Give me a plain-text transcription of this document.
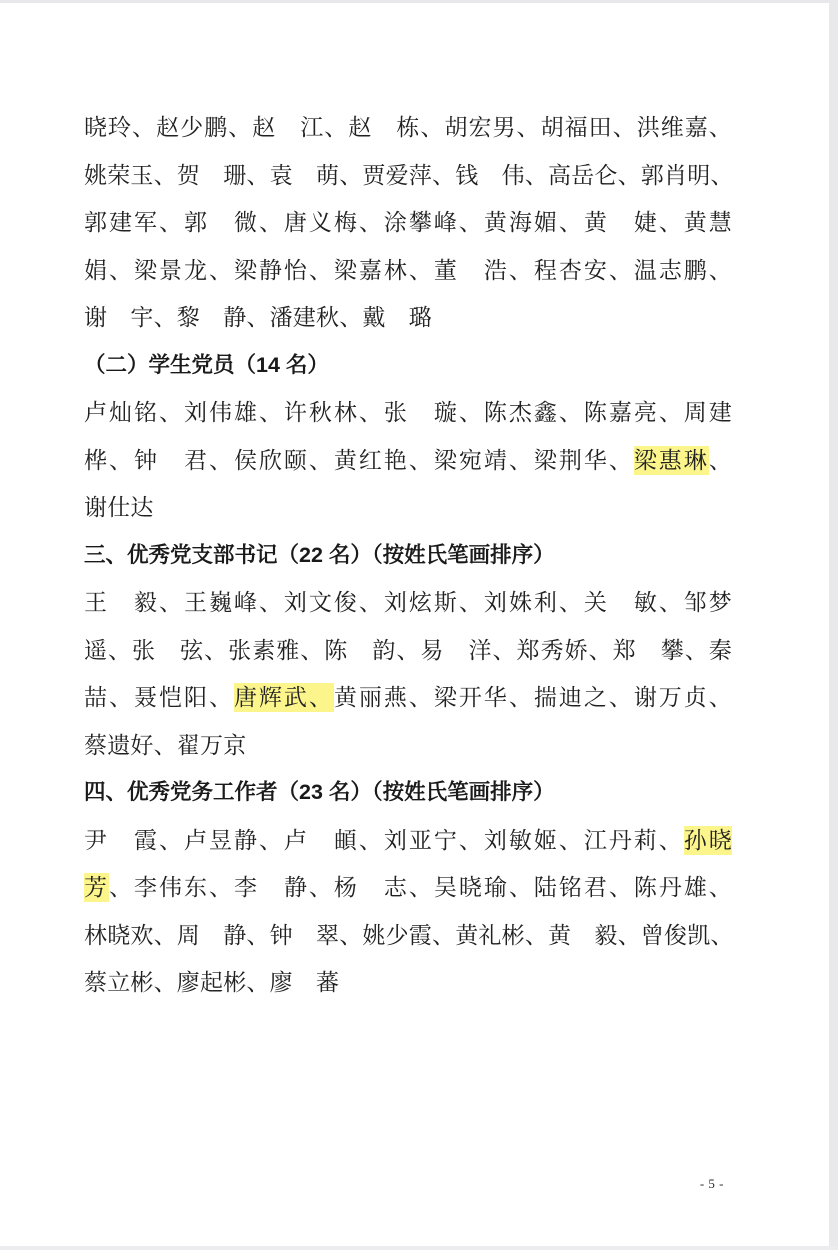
晓玲、赵少鹏、赵　江、赵　栋、胡宏男、胡福田、洪维嘉、
姚荣玉、贺　珊、袁　萌、贾爱萍、钱　伟、高岳仑、郭肖明、
郭建军、郭　微、唐义梅、涂攀峰、黄海媚、黄　婕、黄慧
娟、梁景龙、梁静怡、梁嘉林、董　浩、程杏安、温志鹏、
谢　宇、黎　静、潘建秋、戴　璐
（二）学生党员（14 名）
卢灿铭、刘伟雄、许秋林、张　璇、陈杰鑫、陈嘉亮、周建
桦、钟　君、侯欣颐、黄红艳、梁宛靖、梁荆华、梁惠琳、
谢仕达
三、优秀党支部书记（22 名）（按姓氏笔画排序）
王　毅、王巍峰、刘文俊、刘炫斯、刘姝利、关　敏、邹梦
遥、张　弦、张素雅、陈　韵、易　洋、郑秀娇、郑　攀、秦
喆、聂恺阳、唐辉武、黄丽燕、梁开华、揣迪之、谢万贞、
蔡遗好、翟万京
四、优秀党务工作者（23 名）（按姓氏笔画排序）
尹　霞、卢昱静、卢　頔、刘亚宁、刘敏姬、江丹莉、孙晓
芳、李伟东、李　静、杨　志、吴晓瑜、陆铭君、陈丹雄、
林晓欢、周　静、钟　翠、姚少霞、黄礼彬、黄　毅、曾俊凯、
蔡立彬、廖起彬、廖　蕃
- 5 -
